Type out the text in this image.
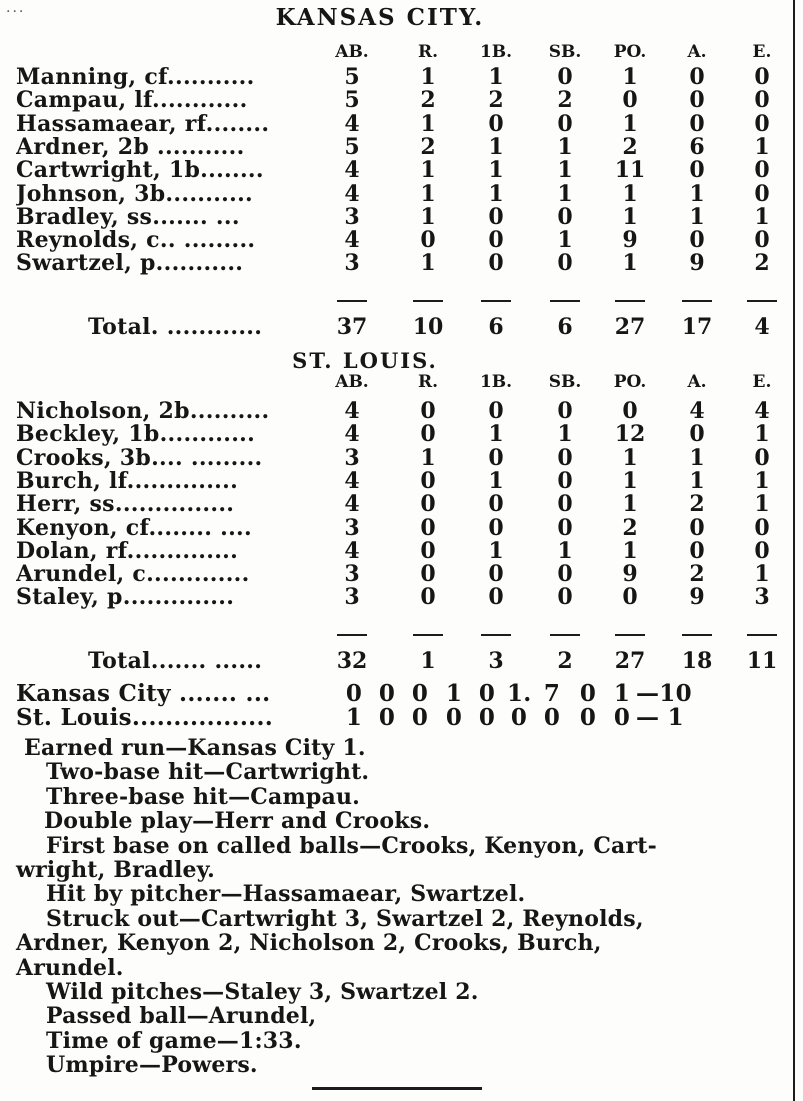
...	KANSAS CITY.
AB.	R.	1B.	SB.	PO.	A.	E.
Manning, cf...........	5	1	1	0	1	0	0
Campau, lf............	5	2	2	2	0	0	0
Hassamaear, rf........	4	1	0	0	1	0	0
Ardner, 2b ...........	5	2	1	1	2	6	1
Cartwright, 1b........	4	1	1	1	11	0	0
Johnson, 3b...........	4	1	1	1	1	1	0
Bradley, ss....... ...	3	1	0	0	1	1	1
Reynolds, c.. .........	4	0	0	1	9	0	0
Swartzel, p...........	3	1	0	0	1	9	2
Total. ............	37	10	6	6	27	17	4
ST. LOUIS.
AB.	R.	1B.	SB.	PO.	A.	E.
Nicholson, 2b..........	4	0	0	0	0	4	4
Beckley, 1b............	4	0	1	1	12	0	1
Crooks, 3b.... .........	3	1	0	0	1	1	0
Burch, lf..............	4	0	1	0	1	1	1
Herr, ss...............	4	0	0	0	1	2	1
Kenyon, cf........ ....	3	0	0	0	2	0	0
Dolan, rf..............	4	0	1	1	1	0	0
Arundel, c.............	3	0	0	0	9	2	1
Staley, p..............	3	0	0	0	0	9	3
Total....... ......	32	1	3	2	27	18	11
Kansas City ....... ...	0 0 0 1 0 1. 7 0 1 —10
St. Louis.................	1 0 0 0 0 0 0 0 0 — 1
Earned run—Kansas City 1.
Two-base hit—Cartwright.
Three-base hit—Campau.
Double play—Herr and Crooks.
First base on called balls—Crooks, Kenyon, Cart-
wright, Bradley.
Hit by pitcher—Hassamaear, Swartzel.
Struck out—Cartwright 3, Swartzel 2, Reynolds,
Ardner, Kenyon 2, Nicholson 2, Crooks, Burch,
Arundel.
Wild pitches—Staley 3, Swartzel 2.
Passed ball—Arundel,
Time of game—1:33.
Umpire—Powers.
